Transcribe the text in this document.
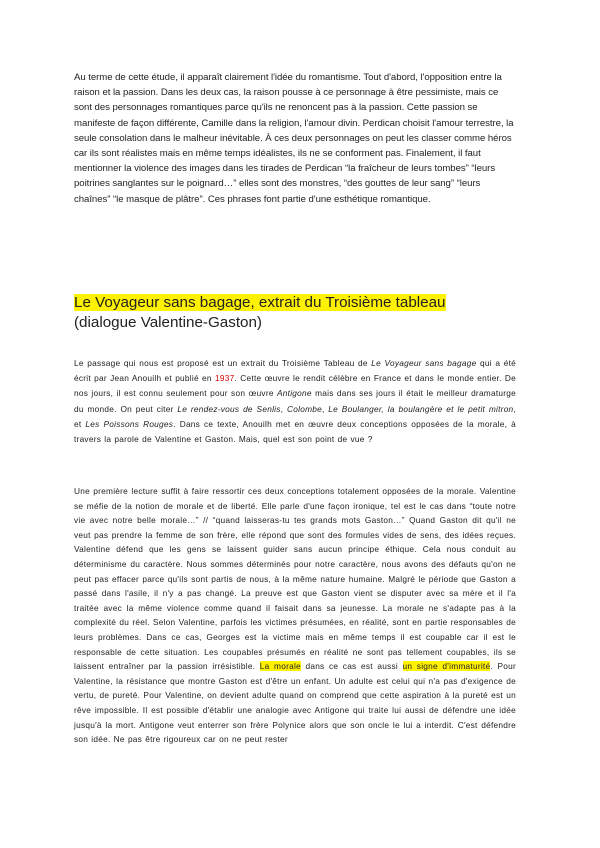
Au terme de cette étude, il apparaît clairement l'idée du romantisme. Tout d'abord, l'opposition entre la raison et la passion. Dans les deux cas, la raison pousse à ce personnage à être pessimiste, mais ce sont des personnages romantiques parce qu'ils ne renoncent pas à la passion. Cette passion se manifeste de façon différente, Camille dans la religion, l'amour divin. Perdican choisit l'amour terrestre, la seule consolation dans le malheur inévitable. À ces deux personnages on peut les classer comme héros car ils sont réalistes mais en même temps idéalistes, ils ne se conforment pas. Finalement, il faut mentionner la violence des images dans les tirades de Perdican “la fraîcheur de leurs tombes” “leurs poitrines sanglantes sur le poignard…” elles sont des monstres, “des gouttes de leur sang” “leurs chaînes” “le masque de plâtre”. Ces phrases font partie d'une esthétique romantique.
Le Voyageur sans bagage, extrait du Troisième tableau
(dialogue Valentine-Gaston)
Le passage qui nous est proposé est un extrait du Troisième Tableau de Le Voyageur sans bagage qui a été écrit par Jean Anouilh et publié en 1937. Cette œuvre le rendit célèbre en France et dans le monde entier. De nos jours, il est connu seulement pour son œuvre Antigone mais dans ses jours il était le meilleur dramaturge du monde. On peut citer Le rendez-vous de Senlis, Colombe, Le Boulanger, la boulangère et le petit mitron, et Les Poissons Rouges. Dans ce texte, Anouilh met en œuvre deux conceptions opposées de la morale, à travers la parole de Valentine et Gaston. Mais, quel est son point de vue ?
Une première lecture suffit à faire ressortir ces deux conceptions totalement opposées de la morale. Valentine se méfie de la notion de morale et de liberté. Elle parle d'une façon ironique, tel est le cas dans “toute notre vie avec notre belle morale…” // “quand laisseras-tu tes grands mots Gaston…” Quand Gaston dit qu'il ne veut pas prendre la femme de son frère, elle répond que sont des formules vides de sens, des idées reçues. Valentine défend que les gens se laissent guider sans aucun principe éthique. Cela nous conduit au déterminisme du caractère. Nous sommes déterminés pour notre caractère, nous avons des défauts qu'on ne peut pas effacer parce qu'ils sont partis de nous, à la même nature humaine. Malgré le période que Gaston a passé dans l'asile, il n'y a pas changé. La preuve est que Gaston vient se disputer avec sa mère et il l'a traitée avec la même violence comme quand il faisait dans sa jeunesse. La morale ne s'adapte pas à la complexité du réel. Selon Valentine, parfois les victimes présumées, en réalité, sont en partie responsables de leurs problèmes. Dans ce cas, Georges est la victime mais en même temps il est coupable car il est le responsable de cette situation. Les coupables présumés en réalité ne sont pas tellement coupables, ils se laissent entraîner par la passion irrésistible. La morale dans ce cas est aussi un signe d'immaturité. Pour Valentine, la résistance que montre Gaston est d'être un enfant. Un adulte est celui qui n'a pas d'exigence de vertu, de pureté. Pour Valentine, on devient adulte quand on comprend que cette aspiration à la pureté est un rêve impossible. Il est possible d'établir une analogie avec Antigone qui traite lui aussi de défendre une idée jusqu'à la mort. Antigone veut enterrer son frère Polynice alors que son oncle le lui a interdit. C'est défendre son idée. Ne pas être rigoureux car on ne peut rester
